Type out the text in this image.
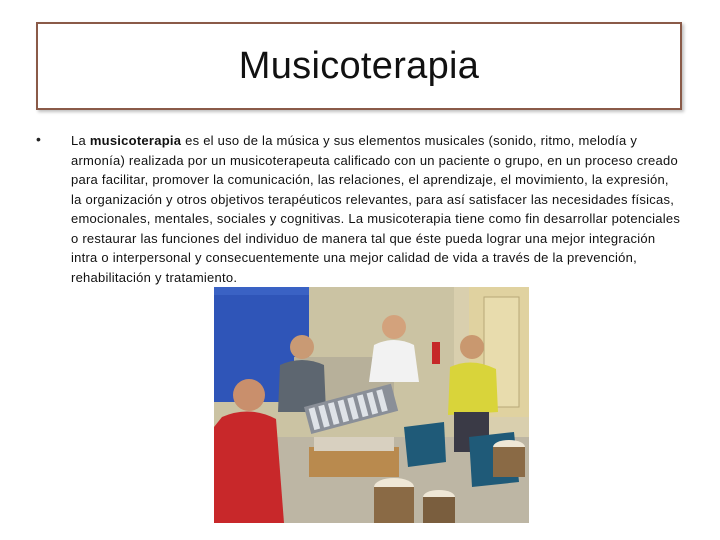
Musicoterapia
• La musicoterapia es el uso de la música y sus elementos musicales (sonido, ritmo, melodía y armonía) realizada por un musicoterapeuta calificado con un paciente o grupo, en un proceso creado para facilitar, promover la comunicación, las relaciones, el aprendizaje, el movimiento, la expresión, la organización y otros objetivos terapéuticos relevantes, para así satisfacer las necesidades físicas, emocionales, mentales, sociales y cognitivas. La musicoterapia tiene como fin desarrollar potenciales o restaurar las funciones del individuo de manera tal que éste pueda lograr una mejor integración intra o interpersonal y consecuentemente una mejor calidad de vida a través de la prevención, rehabilitación y tratamiento.
